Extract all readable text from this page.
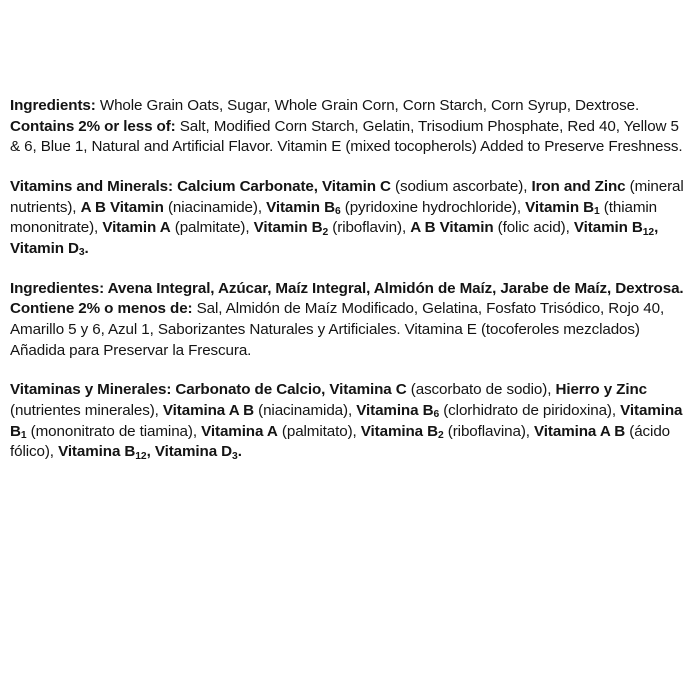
Ingredients: Whole Grain Oats, Sugar, Whole Grain Corn, Corn Starch, Corn Syrup, Dextrose. Contains 2% or less of: Salt, Modified Corn Starch, Gelatin, Trisodium Phosphate, Red 40, Yellow 5 & 6, Blue 1, Natural and Artificial Flavor. Vitamin E (mixed tocopherols) Added to Preserve Freshness.

Vitamins and Minerals: Calcium Carbonate, Vitamin C (sodium ascorbate), Iron and Zinc (mineral nutrients), A B Vitamin (niacinamide), Vitamin $B_6$ (pyridoxine hydrochloride), Vitamin $B_1$ (thiamin mononitrate), Vitamin A (palmitate), Vitamin $B_2$ (riboflavin), A B Vitamin (folic acid), Vitamin $B_{12}$, Vitamin $D_3$.

Ingredientes: Avena Integral, Azúcar, Maíz Integral, Almidón de Maíz, Jarabe de Maíz, Dextrosa. Contiene 2% o menos de: Sal, Almidón de Maíz Modificado, Gelatina, Fosfato Trisódico, Rojo 40, Amarillo 5 y 6, Azul 1, Saborizantes Naturales y Artificiales. Vitamina E (tocoferoles mezclados) Añadida para Preservar la Frescura.

Vitaminas y Minerales: Carbonato de Calcio, Vitamina C (ascorbato de sodio), Hierro y Zinc (nutrientes minerales), Vitamina A B (niacinamida), Vitamina $B_6$ (clorhidrato de piridoxina), Vitamina $B_1$ (mononitrato de tiamina), Vitamina A (palmitato), Vitamina $B_2$ (riboflavina), Vitamina A B (ácido fólico), Vitamina $B_{12}$, Vitamina $D_3$.
